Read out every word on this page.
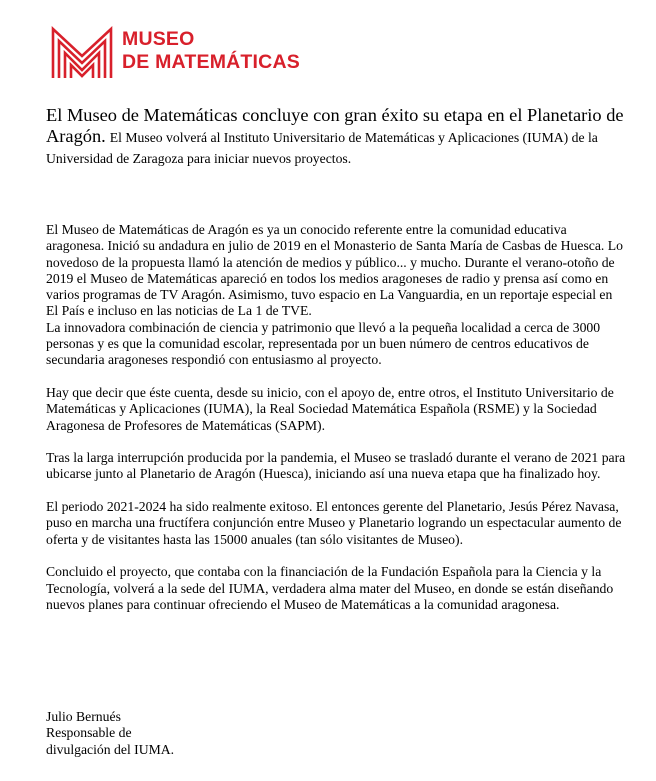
MUSEO
DE MATEMÁTICAS
El Museo de Matemáticas concluye con gran éxito su etapa en el Planetario de Aragón. El Museo volverá al Instituto Universitario de Matemáticas y Aplicaciones (IUMA) de la Universidad de Zaragoza para iniciar nuevos proyectos.

El Museo de Matemáticas de Aragón es ya un conocido referente entre la comunidad educativa aragonesa. Inició su andadura en julio de 2019 en el Monasterio de Santa María de Casbas de Huesca. Lo novedoso de la propuesta llamó la atención de medios y público... y mucho. Durante el verano-otoño de 2019 el Museo de Matemáticas apareció en todos los medios aragoneses de radio y prensa así como en varios programas de TV Aragón. Asimismo, tuvo espacio en La Vanguardia, en un reportaje especial en El País e incluso en las noticias de La 1 de TVE.

La innovadora combinación de ciencia y patrimonio que llevó a la pequeña localidad a cerca de 3000 personas y es que la comunidad escolar, representada por un buen número de centros educativos de secundaria aragoneses respondió con entusiasmo al proyecto.

Hay que decir que éste cuenta, desde su inicio, con el apoyo de, entre otros, el Instituto Universitario de Matemáticas y Aplicaciones (IUMA), la Real Sociedad Matemática Española (RSME) y la Sociedad Aragonesa de Profesores de Matemáticas (SAPM).

Tras la larga interrupción producida por la pandemia, el Museo se trasladó durante el verano de 2021 para ubicarse junto al Planetario de Aragón (Huesca), iniciando así una nueva etapa que ha finalizado hoy.

El periodo 2021-2024 ha sido realmente exitoso. El entonces gerente del Planetario, Jesús Pérez Navasa, puso en marcha una fructífera conjunción entre Museo y Planetario logrando un espectacular aumento de oferta y de visitantes hasta las 15000 anuales (tan sólo visitantes de Museo).

Concluido el proyecto, que contaba con la financiación de la Fundación Española para la Ciencia y la Tecnología, volverá a la sede del IUMA, verdadera alma mater del Museo, en donde se están diseñando nuevos planes para continuar ofreciendo el Museo de Matemáticas a la comunidad aragonesa.

Julio Bernués
Responsable de
divulgación del IUMA.
